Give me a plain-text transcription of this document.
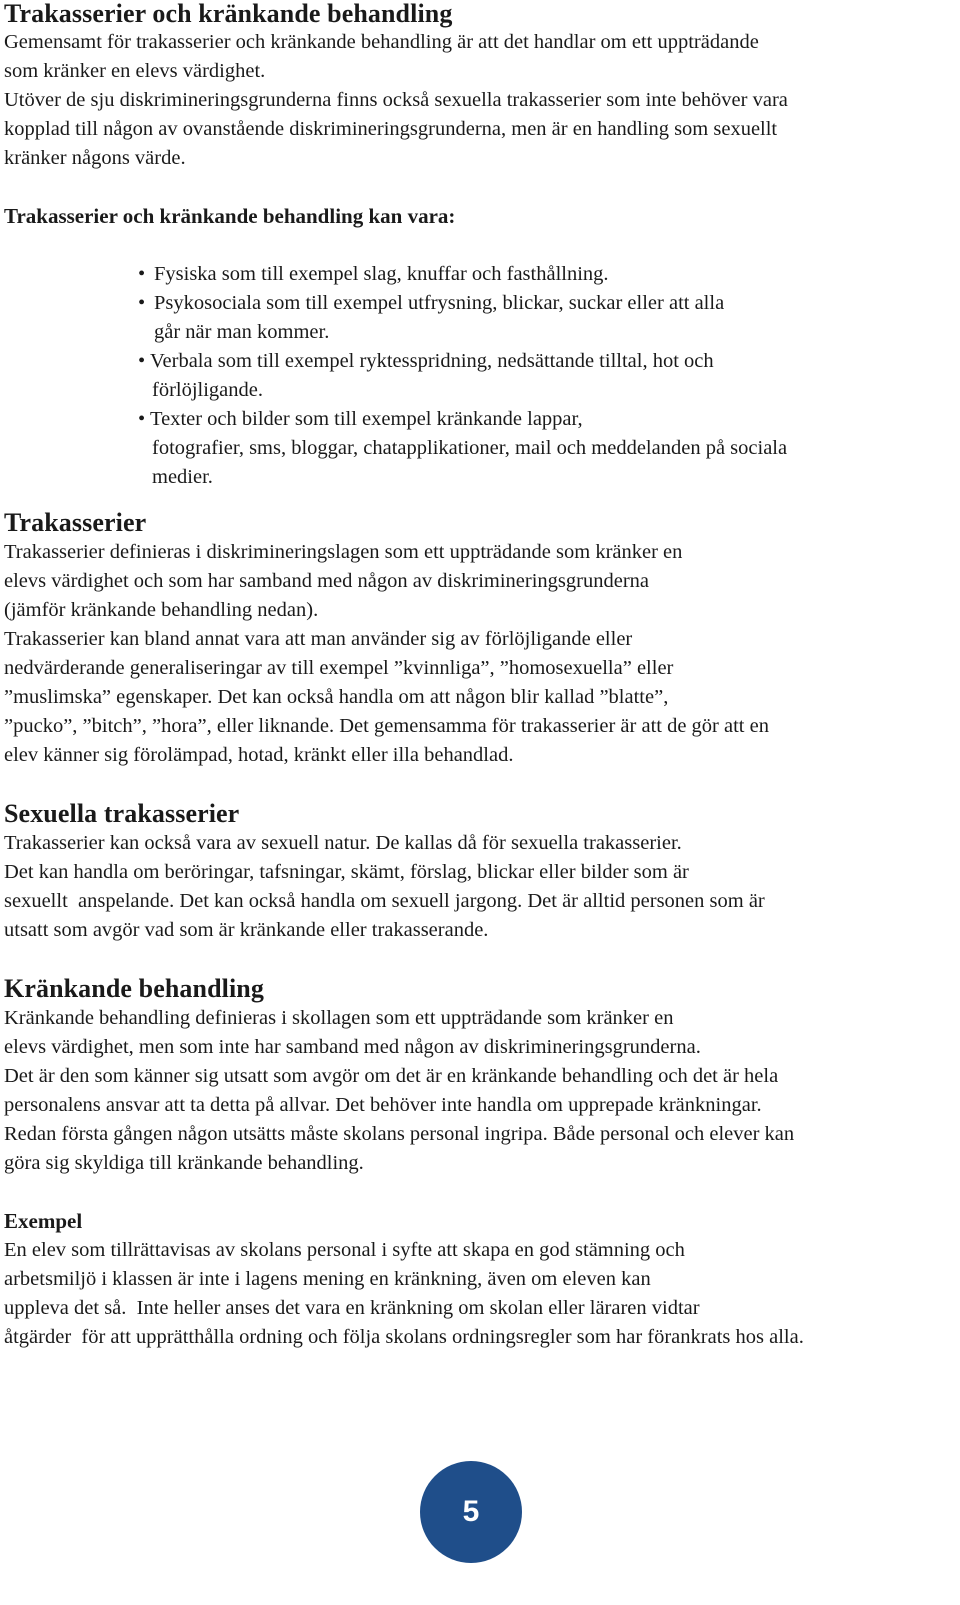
Trakasserier och kränkande behandling

Gemensamt för trakasserier och kränkande behandling är att det handlar om ett uppträdande

som kränker en elevs värdighet.

Utöver de sju diskrimineringsgrunderna finns också sexuella trakasserier som inte behöver vara

kopplad till någon av ovanstående diskrimineringsgrunderna, men är en handling som sexuellt

kränker någons värde.

Trakasserier och kränkande behandling kan vara:
• Fysiska som till exempel slag, knuffar och fasthållning.
• Psykosociala som till exempel utfrysning, blickar, suckar eller att alla
går när man kommer.
• Verbala som till exempel ryktesspridning, nedsättande tilltal, hot och
förlöjligande.
• Texter och bilder som till exempel kränkande lappar,
fotografier, sms, bloggar, chatapplikationer, mail och meddelanden på sociala
medier.
Trakasserier

Trakasserier definieras i diskrimineringslagen som ett uppträdande som kränker en

elevs värdighet och som har samband med någon av diskrimineringsgrunderna

(jämför kränkande behandling nedan).

Trakasserier kan bland annat vara att man använder sig av förlöjligande eller

nedvärderande generaliseringar av till exempel ”kvinnliga”, ”homosexuella” eller

”muslimska” egenskaper. Det kan också handla om att någon blir kallad ”blatte”,

”pucko”, ”bitch”, ”hora”, eller liknande. Det gemensamma för trakasserier är att de gör att en

elev känner sig förolämpad, hotad, kränkt eller illa behandlad.

Sexuella trakasserier

Trakasserier kan också vara av sexuell natur. De kallas då för sexuella trakasserier.

Det kan handla om beröringar, tafsningar, skämt, förslag, blickar eller bilder som är

sexuellt  anspelande. Det kan också handla om sexuell jargong. Det är alltid personen som är

utsatt som avgör vad som är kränkande eller trakasserande.

Kränkande behandling

Kränkande behandling definieras i skollagen som ett uppträdande som kränker en

elevs värdighet, men som inte har samband med någon av diskrimineringsgrunderna.

Det är den som känner sig utsatt som avgör om det är en kränkande behandling och det är hela

personalens ansvar att ta detta på allvar. Det behöver inte handla om upprepade kränkningar.

Redan första gången någon utsätts måste skolans personal ingripa. Både personal och elever kan

göra sig skyldiga till kränkande behandling.

Exempel

En elev som tillrättavisas av skolans personal i syfte att skapa en god stämning och

arbetsmiljö i klassen är inte i lagens mening en kränkning, även om eleven kan

uppleva det så.  Inte heller anses det vara en kränkning om skolan eller läraren vidtar

åtgärder  för att upprätthålla ordning och följa skolans ordningsregler som har förankrats hos alla.

5
